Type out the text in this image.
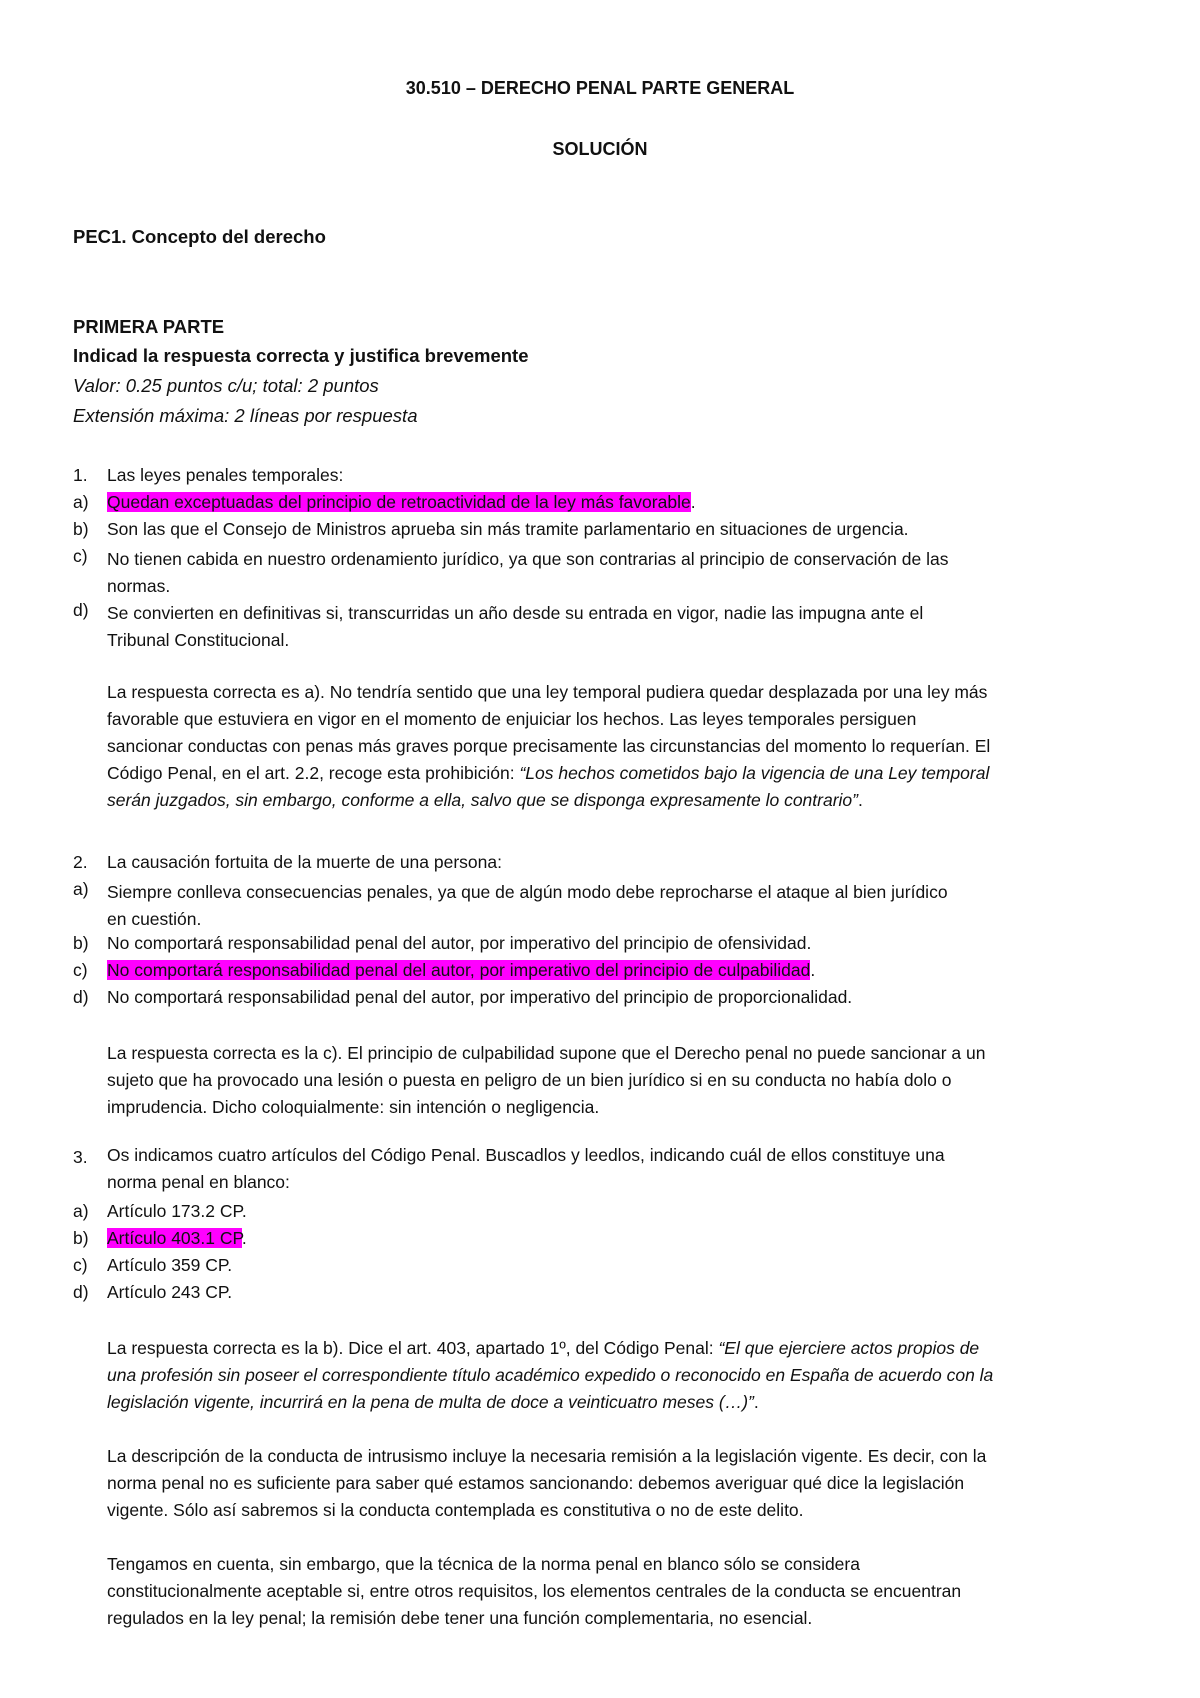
30.510 – DERECHO PENAL PARTE GENERAL
SOLUCIÓN
PEC1. Concepto del derecho
PRIMERA PARTE
Indicad la respuesta correcta y justifica brevemente
Valor: 0.25 puntos c/u; total: 2 puntos
Extensión máxima: 2 líneas por respuesta
1. Las leyes penales temporales:
a) Quedan exceptuadas del principio de retroactividad de la ley más favorable.
b) Son las que el Consejo de Ministros aprueba sin más tramite parlamentario en situaciones de urgencia.
c) No tienen cabida en nuestro ordenamiento jurídico, ya que son contrarias al principio de conservación de las
normas.
d) Se convierten en definitivas si, transcurridas un año desde su entrada en vigor, nadie las impugna ante el
Tribunal Constitucional.
La respuesta correcta es a). No tendría sentido que una ley temporal pudiera quedar desplazada por una ley más
favorable que estuviera en vigor en el momento de enjuiciar los hechos. Las leyes temporales persiguen
sancionar conductas con penas más graves porque precisamente las circunstancias del momento lo requerían. El
Código Penal, en el art. 2.2, recoge esta prohibición: “Los hechos cometidos bajo la vigencia de una Ley temporal
serán juzgados, sin embargo, conforme a ella, salvo que se disponga expresamente lo contrario”.
2. La causación fortuita de la muerte de una persona:
a) Siempre conlleva consecuencias penales, ya que de algún modo debe reprocharse el ataque al bien jurídico
en cuestión.
b) No comportará responsabilidad penal del autor, por imperativo del principio de ofensividad.
c) No comportará responsabilidad penal del autor, por imperativo del principio de culpabilidad.
d) No comportará responsabilidad penal del autor, por imperativo del principio de proporcionalidad.
La respuesta correcta es la c). El principio de culpabilidad supone que el Derecho penal no puede sancionar a un
sujeto que ha provocado una lesión o puesta en peligro de un bien jurídico si en su conducta no había dolo o
imprudencia. Dicho coloquialmente: sin intención o negligencia.
3. Os indicamos cuatro artículos del Código Penal. Buscadlos y leedlos, indicando cuál de ellos constituye una
norma penal en blanco:
a) Artículo 173.2 CP.
b) Artículo 403.1 CP.
c) Artículo 359 CP.
d) Artículo 243 CP.
La respuesta correcta es la b). Dice el art. 403, apartado 1º, del Código Penal: “El que ejerciere actos propios de
una profesión sin poseer el correspondiente título académico expedido o reconocido en España de acuerdo con la
legislación vigente, incurrirá en la pena de multa de doce a veinticuatro meses (…)”.
La descripción de la conducta de intrusismo incluye la necesaria remisión a la legislación vigente. Es decir, con la
norma penal no es suficiente para saber qué estamos sancionando: debemos averiguar qué dice la legislación
vigente. Sólo así sabremos si la conducta contemplada es constitutiva o no de este delito.
Tengamos en cuenta, sin embargo, que la técnica de la norma penal en blanco sólo se considera
constitucionalmente aceptable si, entre otros requisitos, los elementos centrales de la conducta se encuentran
regulados en la ley penal; la remisión debe tener una función complementaria, no esencial.
